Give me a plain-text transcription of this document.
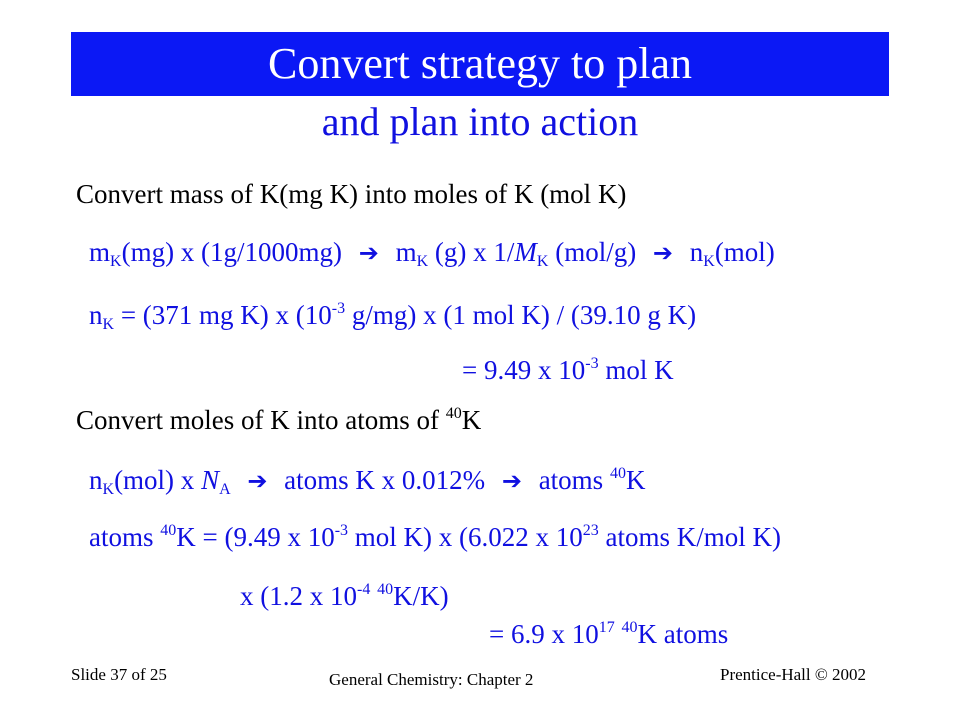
Convert strategy to plan
and plan into action
Convert mass of K(mg K) into moles of K (mol K)
$m_K(mg)$ x (1g/1000mg)  ➔  $m_K$ (g) x $1/M_K$ (mol/g)  ➔  $n_K(mol)$
$n_K = (371$ mg K) x ($10^{-3}$ g/mg) x (1 mol K) / (39.10 g K)
= 9.49 x $10^{-3}$ mol K
Convert moles of K into atoms of $^{40}$K
$n_K(mol)$ x $N_A$  ➔  atoms K x 0.012%  ➔  atoms $^{40}$K
atoms $^{40}$K = (9.49 x $10^{-3}$ mol K) x (6.022 x $10^{23}$ atoms K/mol K)
x (1.2 x $10^{-4}$ $^{40}$K/K)
= 6.9 x $10^{17}$ $^{40}$K atoms
Slide 37 of 25	General Chemistry: Chapter 2	Prentice-Hall © 2002
